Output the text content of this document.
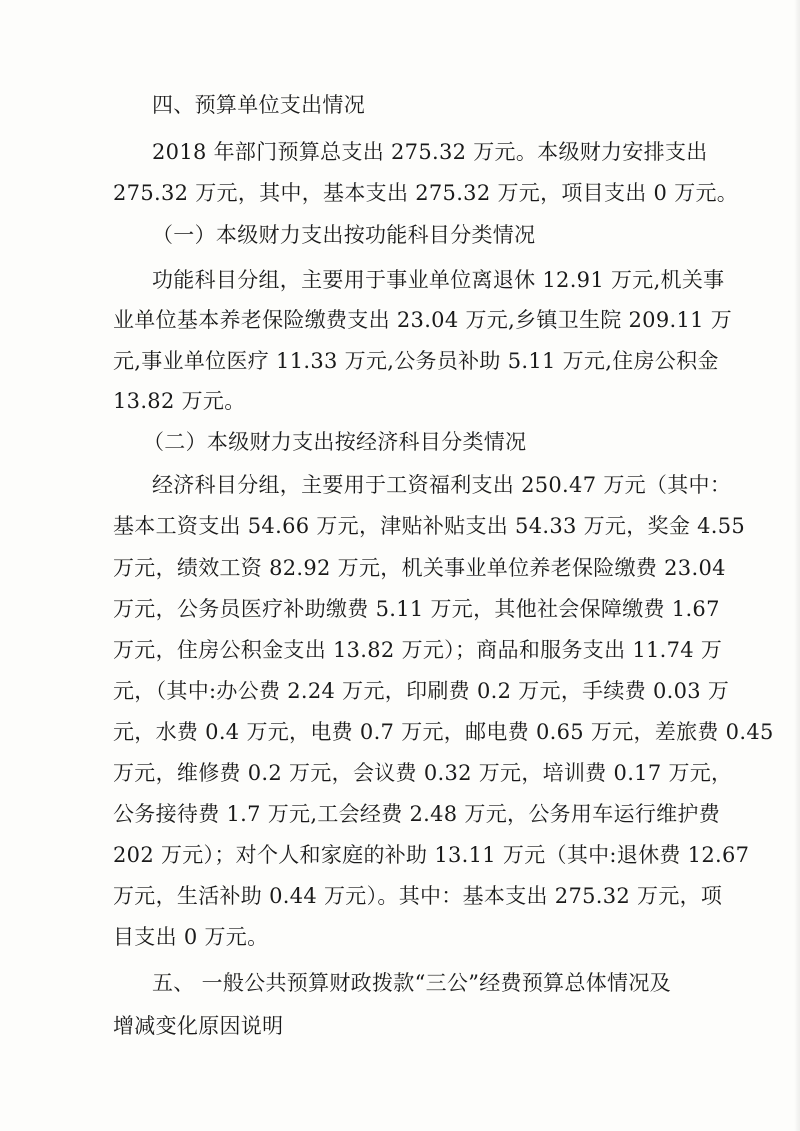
四、预算单位支出情况
2018 年部门预算总支出 275.32 万元。本级财力安排支出
275.32 万元，其中，基本支出 275.32 万元，项目支出 0 万元。
（一）本级财力支出按功能科目分类情况
功能科目分组，主要用于事业单位离退休 12.91 万元,机关事
业单位基本养老保险缴费支出 23.04 万元,乡镇卫生院 209.11 万
元,事业单位医疗 11.33 万元,公务员补助 5.11 万元,住房公积金
13.82 万元。
（二）本级财力支出按经济科目分类情况
经济科目分组，主要用于工资福利支出 250.47 万元（其中：
基本工资支出 54.66 万元，津贴补贴支出 54.33 万元，奖金 4.55
万元，绩效工资 82.92 万元，机关事业单位养老保险缴费 23.04
万元，公务员医疗补助缴费 5.11 万元，其他社会保障缴费 1.67
万元，住房公积金支出 13.82 万元）；商品和服务支出 11.74 万
元，（其中:办公费 2.24 万元，印刷费 0.2 万元，手续费 0.03 万
元，水费 0.4 万元，电费 0.7 万元，邮电费 0.65 万元，差旅费 0.45
万元，维修费 0.2 万元，会议费 0.32 万元，培训费 0.17 万元，
公务接待费 1.7 万元,工会经费 2.48 万元，公务用车运行维护费
202 万元）；对个人和家庭的补助 13.11 万元（其中:退休费 12.67
万元，生活补助 0.44 万元）。其中：基本支出 275.32 万元，项
目支出 0 万元。
五、 一般公共预算财政拨款“三公”经费预算总体情况及
增减变化原因说明
